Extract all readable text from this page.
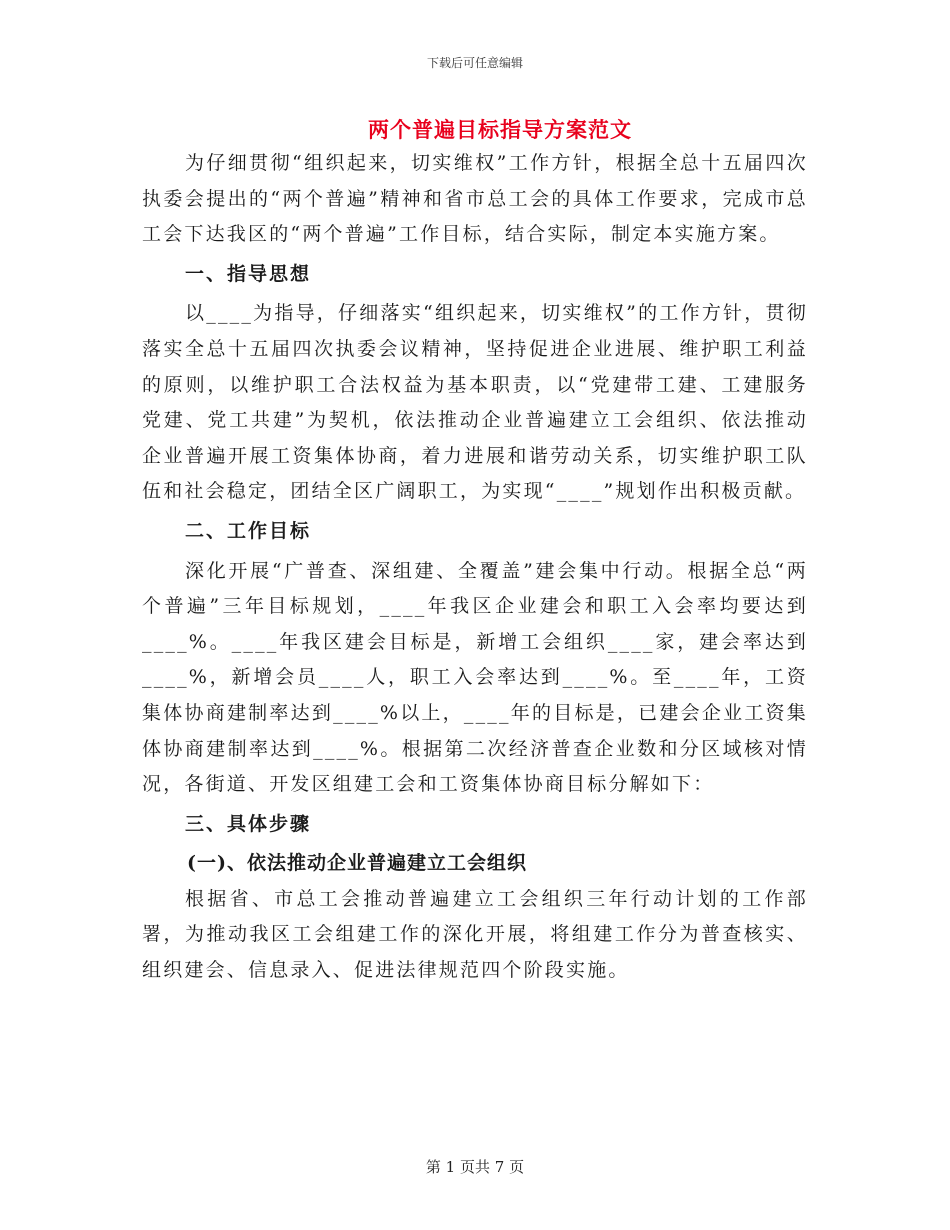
下载后可任意编辑
两个普遍目标指导方案范文

为仔细贯彻“组织起来，切实维权”工作方针，根据全总十五届四次执委会提出的“两个普遍”精神和省市总工会的具体工作要求，完成市总工会下达我区的“两个普遍”工作目标，结合实际，制定本实施方案。

一、指导思想

以____为指导，仔细落实“组织起来，切实维权”的工作方针，贯彻落实全总十五届四次执委会议精神，坚持促进企业进展、维护职工利益的原则，以维护职工合法权益为基本职责，以“党建带工建、工建服务党建、党工共建”为契机，依法推动企业普遍建立工会组织、依法推动企业普遍开展工资集体协商，着力进展和谐劳动关系，切实维护职工队伍和社会稳定，团结全区广阔职工，为实现“____”规划作出积极贡献。

二、工作目标

深化开展“广普查、深组建、全覆盖”建会集中行动。根据全总“两个普遍”三年目标规划，____年我区企业建会和职工入会率均要达到____%。____年我区建会目标是，新增工会组织____家，建会率达到____%，新增会员____人，职工入会率达到____%。至____年，工资集体协商建制率达到____%以上，____年的目标是，已建会企业工资集体协商建制率达到____%。根据第二次经济普查企业数和分区域核对情况，各街道、开发区组建工会和工资集体协商目标分解如下：

三、具体步骤

(一)、依法推动企业普遍建立工会组织

根据省、市总工会推动普遍建立工会组织三年行动计划的工作部署，为推动我区工会组建工作的深化开展，将组建工作分为普查核实、组织建会、信息录入、促进法律规范四个阶段实施。

第 1 页共 7 页
